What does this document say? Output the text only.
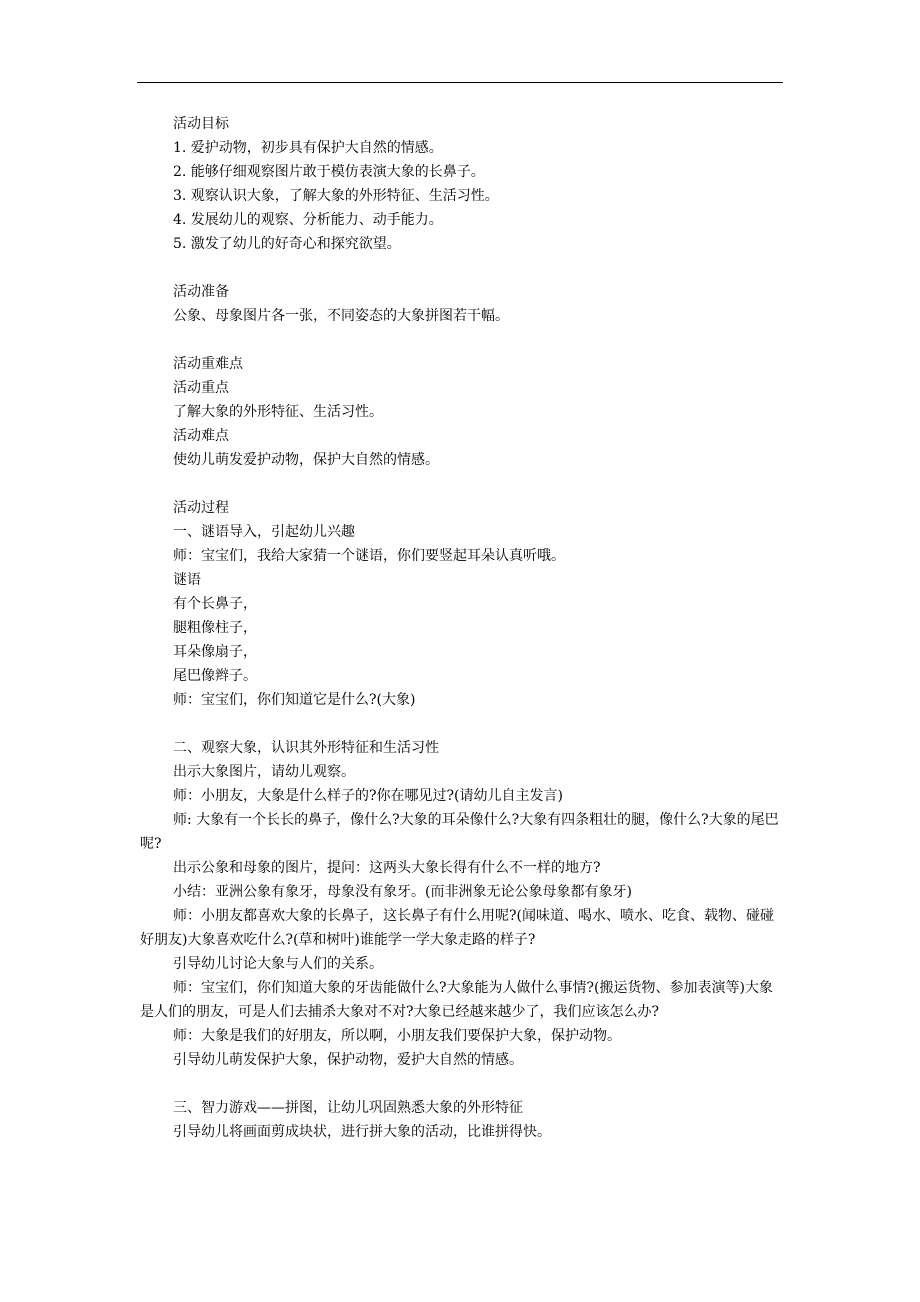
活动目标
1. 爱护动物，初步具有保护大自然的情感。
2. 能够仔细观察图片敢于模仿表演大象的长鼻子。
3. 观察认识大象，了解大象的外形特征、生活习性。
4. 发展幼儿的观察、分析能力、动手能力。
5. 激发了幼儿的好奇心和探究欲望。
活动准备
公象、母象图片各一张，不同姿态的大象拼图若干幅。
活动重难点
活动重点
了解大象的外形特征、生活习性。
活动难点
使幼儿萌发爱护动物，保护大自然的情感。
活动过程
一、谜语导入，引起幼儿兴趣
师：宝宝们，我给大家猜一个谜语，你们要竖起耳朵认真听哦。
谜语
有个长鼻子，
腿粗像柱子，
耳朵像扇子，
尾巴像辫子。
师：宝宝们，你们知道它是什么?(大象)
二、观察大象，认识其外形特征和生活习性
出示大象图片，请幼儿观察。
师：小朋友，大象是什么样子的?你在哪见过?(请幼儿自主发言)
师: 大象有一个长长的鼻子，像什么?大象的耳朵像什么?大象有四条粗壮的腿，像什么?大象的尾巴呢?
出示公象和母象的图片，提问：这两头大象长得有什么不一样的地方?
小结：亚洲公象有象牙，母象没有象牙。(而非洲象无论公象母象都有象牙)
师：小朋友都喜欢大象的长鼻子，这长鼻子有什么用呢?(闻味道、喝水、喷水、吃食、载物、碰碰好朋友)大象喜欢吃什么?(草和树叶)谁能学一学大象走路的样子?
引导幼儿讨论大象与人们的关系。
师：宝宝们，你们知道大象的牙齿能做什么?大象能为人做什么事情?(搬运货物、参加表演等)大象是人们的朋友，可是人们去捕杀大象对不对?大象已经越来越少了，我们应该怎么办?
师：大象是我们的好朋友，所以啊，小朋友我们要保护大象，保护动物。
引导幼儿萌发保护大象，保护动物，爱护大自然的情感。
三、智力游戏——拼图，让幼儿巩固熟悉大象的外形特征
引导幼儿将画面剪成块状，进行拼大象的活动，比谁拼得快。
